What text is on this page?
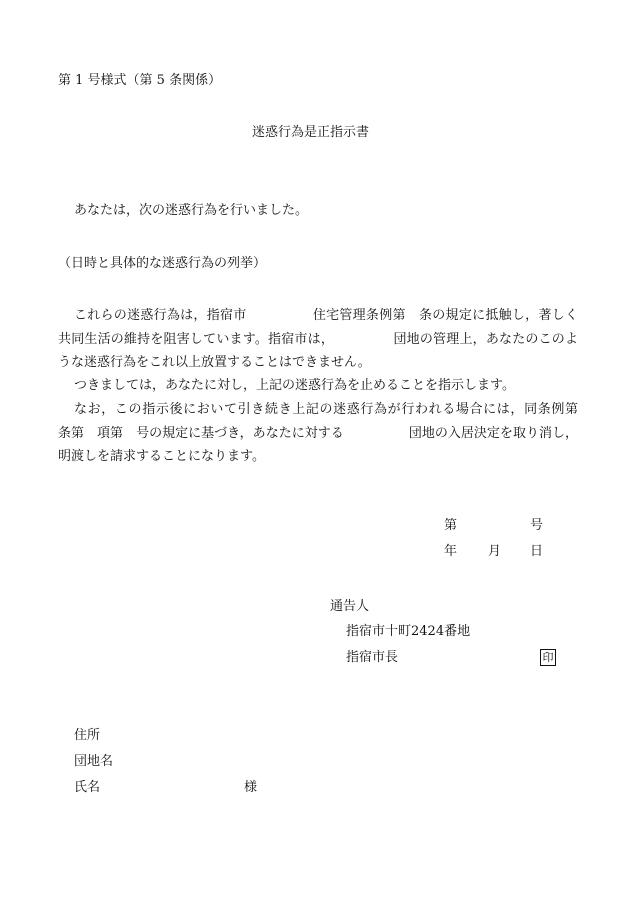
第 1 号様式（第 5 条関係）
迷惑行為是正指示書
あなたは，次の迷惑行為を行いました。
（日時と具体的な迷惑行為の列挙）
これらの迷惑行為は，指宿市　　　　　住宅管理条例第　条の規定に抵触し，著しく共同生活の維持を阻害しています。指宿市は，　　　　　団地の管理上，あなたのこのような迷惑行為をこれ以上放置することはできません。
つきましては，あなたに対し，上記の迷惑行為を止めることを指示します。
なお，この指示後において引き続き上記の迷惑行為が行われる場合には，同条例第　条第　項第　号の規定に基づき，あなたに対する　　　　　団地の入居決定を取り消し，明渡しを請求することになります。
第	号
年 月 日
通告人
指宿市十町2424番地
指宿市長	印
住所
団地名
氏名	様
